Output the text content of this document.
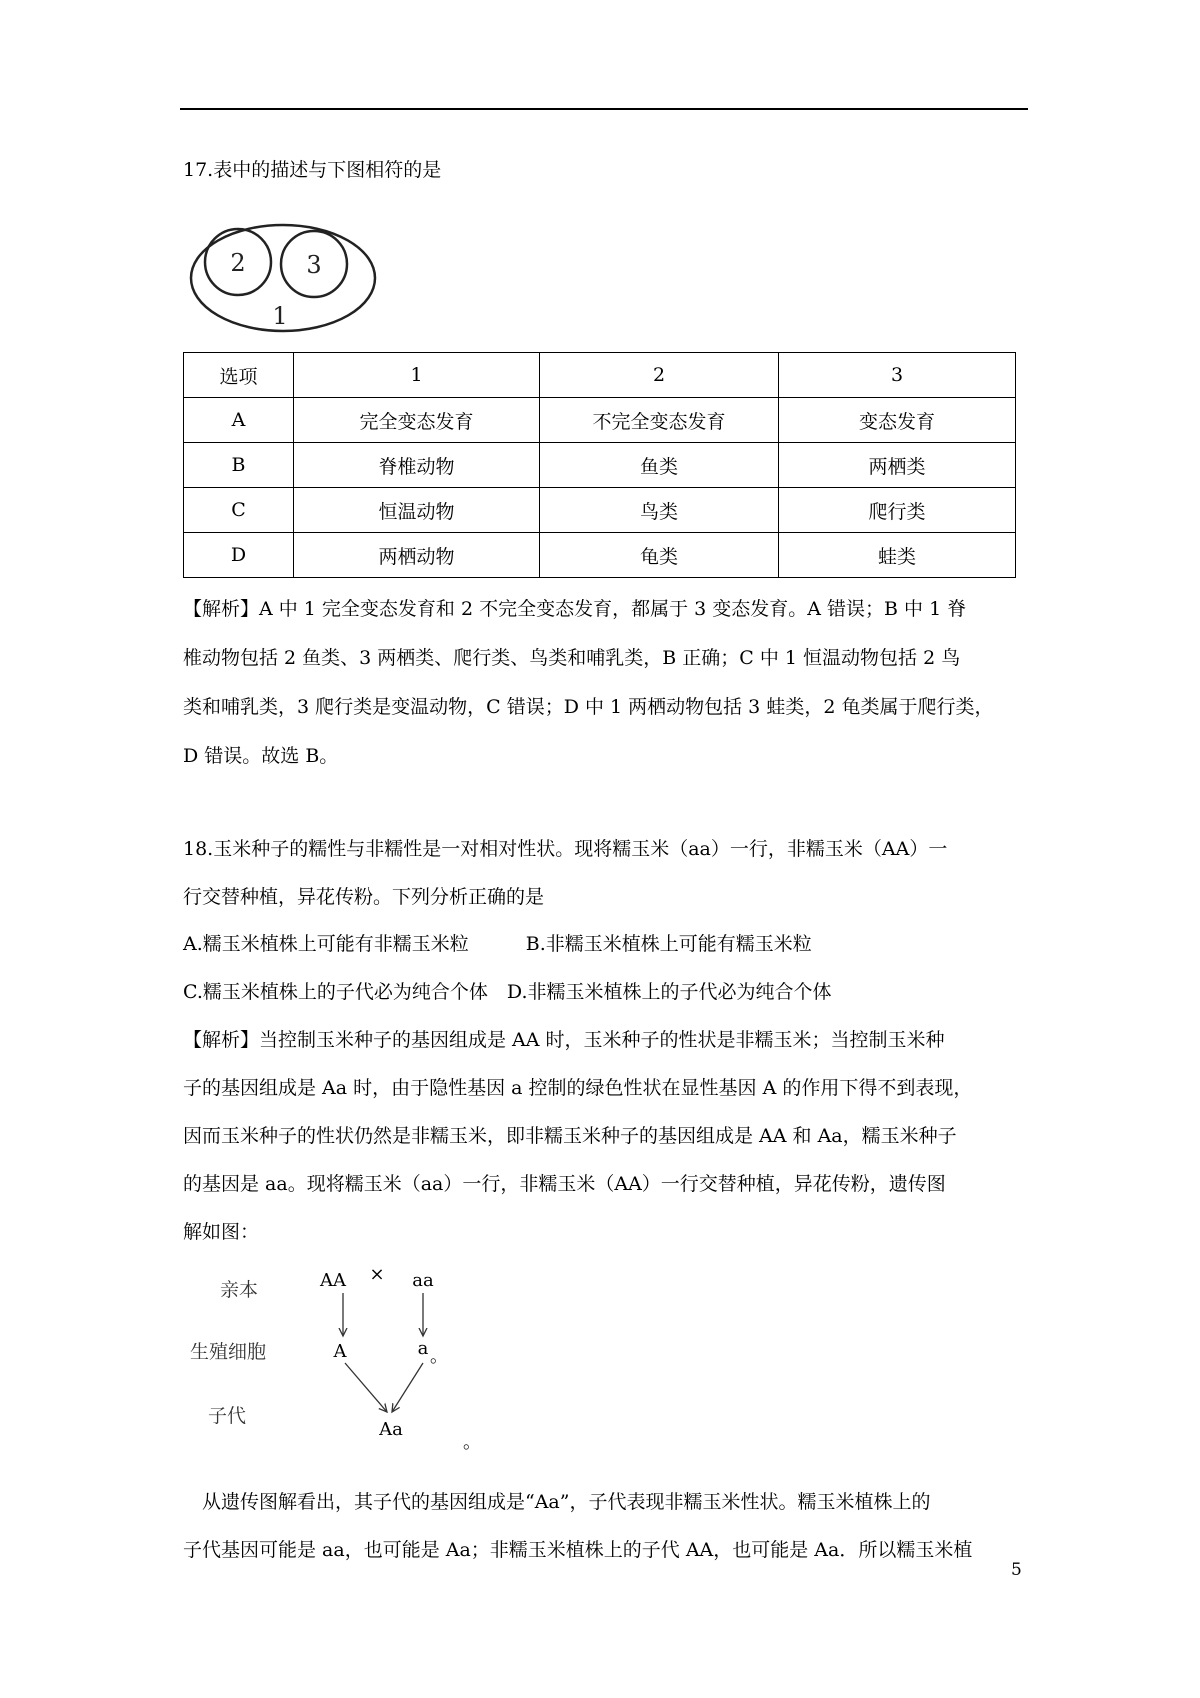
17.表中的描述与下图相符的是
2	3
1
选项	1	2	3
A	完全变态发育	不完全变态发育	变态发育
B	脊椎动物	鱼类	两栖类
C	恒温动物	鸟类	爬行类
D	两栖动物	龟类	蛙类
【解析】A 中 1 完全变态发育和 2 不完全变态发育，都属于 3 变态发育。A 错误；B 中 1 脊
椎动物包括 2 鱼类、3 两栖类、爬行类、鸟类和哺乳类，B 正确；C 中 1 恒温动物包括 2 鸟
类和哺乳类，3 爬行类是变温动物，C 错误；D 中 1 两栖动物包括 3 蛙类，2 龟类属于爬行类，
D 错误。故选 B。
18.玉米种子的糯性与非糯性是一对相对性状。现将糯玉米（aa）一行，非糯玉米（AA）一
行交替种植，异花传粉。下列分析正确的是
A.糯玉米植株上可能有非糯玉米粒　　　B.非糯玉米植株上可能有糯玉米粒
C.糯玉米植株上的子代必为纯合个体　D.非糯玉米植株上的子代必为纯合个体
【解析】当控制玉米种子的基因组成是 AA 时，玉米种子的性状是非糯玉米；当控制玉米种
子的基因组成是 Aa 时，由于隐性基因 a 控制的绿色性状在显性基因 A 的作用下得不到表现，
因而玉米种子的性状仍然是非糯玉米，即非糯玉米种子的基因组成是 AA 和 Aa，糯玉米种子
的基因是 aa。现将糯玉米（aa）一行，非糯玉米（AA）一行交替种植，异花传粉，遗传图
解如图：
亲本
生殖细胞
子代
AA × aa
A	a 。
Aa
。
　从遗传图解看出，其子代的基因组成是“Aa”，子代表现非糯玉米性状。糯玉米植株上的
子代基因可能是 aa，也可能是 Aa；非糯玉米植株上的子代 AA，也可能是 Aa．所以糯玉米植
5
